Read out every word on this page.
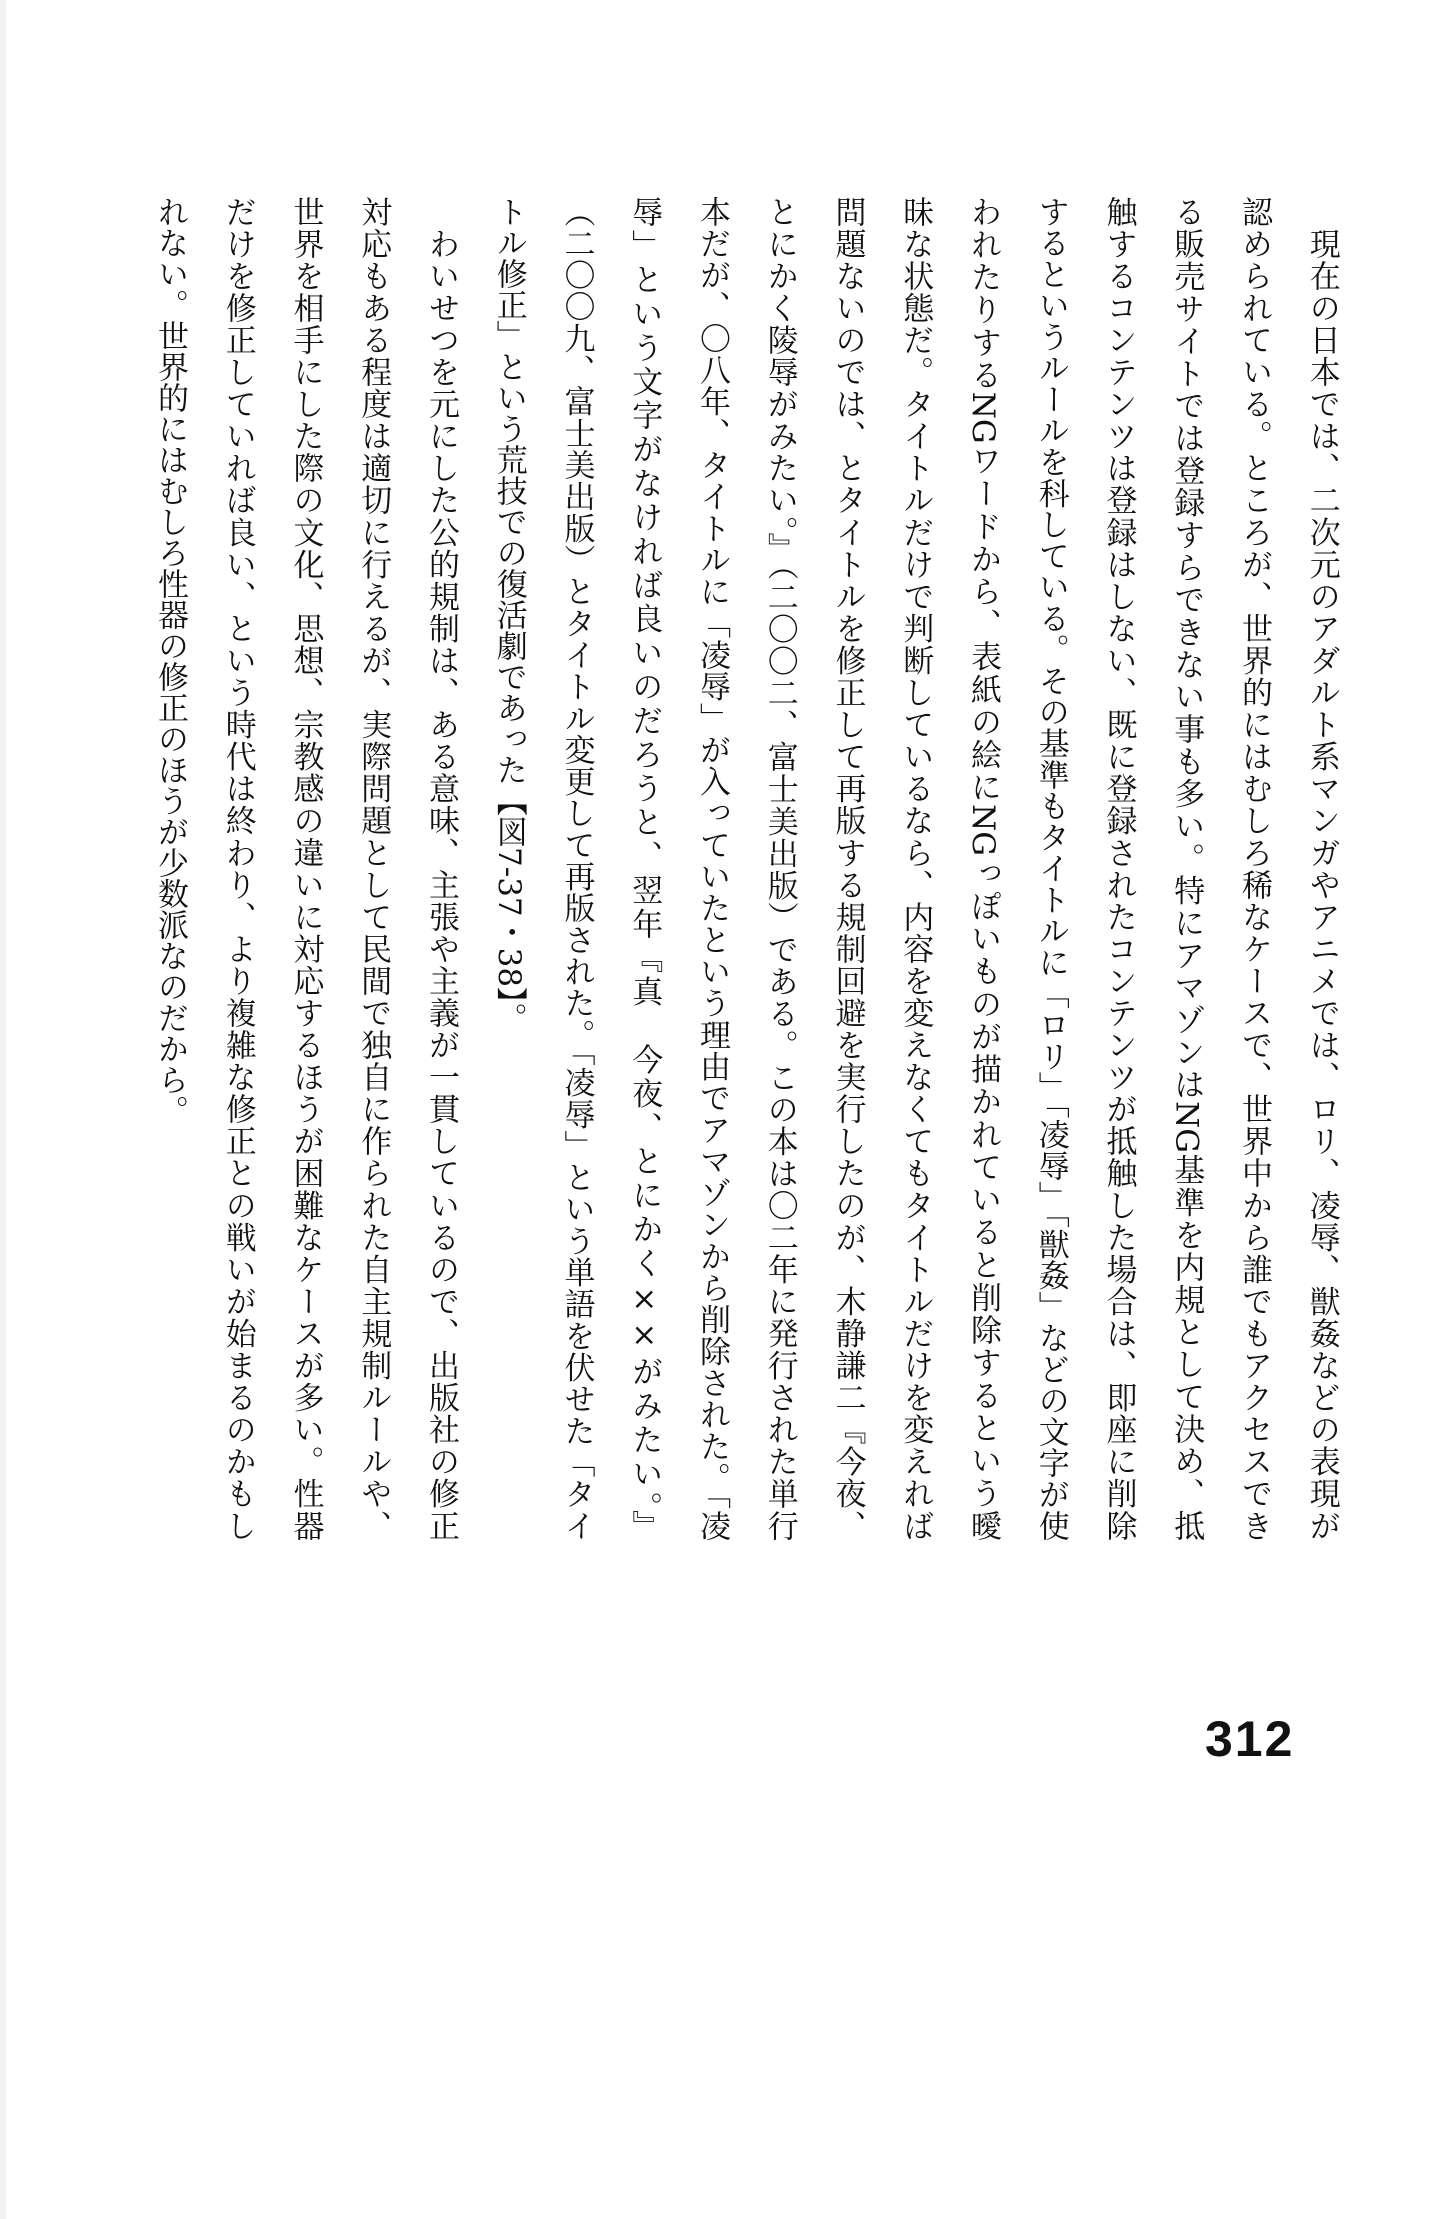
　現在の日本では、二次元のアダルト系マンガやアニメでは、ロリ、凌辱、獣姦などの表現が
認められている。ところが、世界的にはむしろ稀なケースで、世界中から誰でもアクセスでき
る販売サイトでは登録すらできない事も多い。特にアマゾンはNG基準を内規として決め、抵
触するコンテンツは登録はしない、既に登録されたコンテンツが抵触した場合は、即座に削除
するというルールを科している。その基準もタイトルに「ロリ」「凌辱」「獣姦」などの文字が使
われたりするNGワードから、表紙の絵にNGっぽいものが描かれていると削除するという曖
昧な状態だ。タイトルだけで判断しているなら、内容を変えなくてもタイトルだけを変えれば
問題ないのでは、とタイトルを修正して再版する規制回避を実行したのが、木静謙二『今夜、
とにかく陵辱がみたい。』（二〇〇二、富士美出版）である。この本は〇二年に発行された単行
本だが、〇八年、タイトルに「凌辱」が入っていたという理由でアマゾンから削除された。「凌
辱」という文字がなければ良いのだろうと、翌年『真　今夜、とにかく××がみたい。』
（二〇〇九、富士美出版）とタイトル変更して再版された。「凌辱」という単語を伏せた「タイ
トル修正」という荒技での復活劇であった【図7-37・38】。
　わいせつを元にした公的規制は、ある意味、主張や主義が一貫しているので、出版社の修正
対応もある程度は適切に行えるが、実際問題として民間で独自に作られた自主規制ルールや、
世界を相手にした際の文化、思想、宗教感の違いに対応するほうが困難なケースが多い。性器
だけを修正していれば良い、という時代は終わり、より複雑な修正との戦いが始まるのかもし
れない。世界的にはむしろ性器の修正のほうが少数派なのだから。
312
